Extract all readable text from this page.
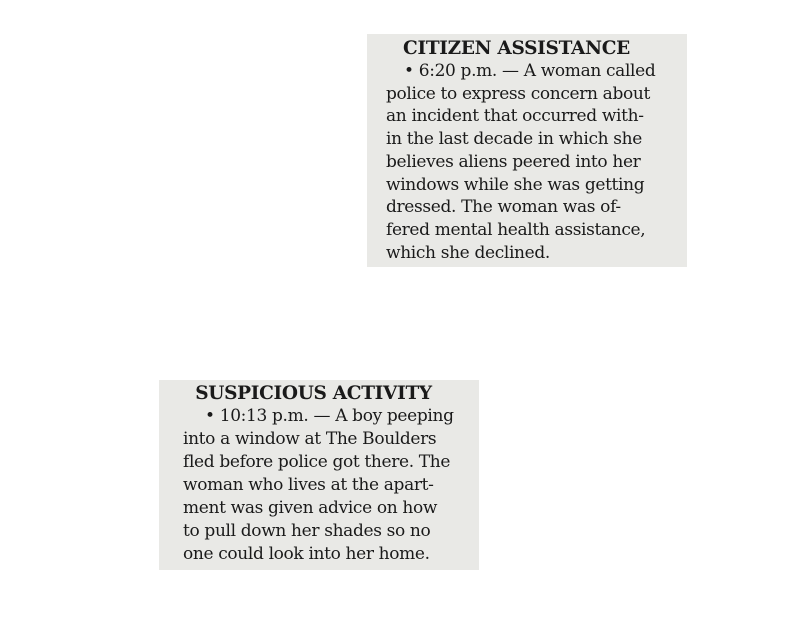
CITIZEN ASSISTANCE
• 6:20 p.m. — A woman called
police to express concern about
an incident that occurred with-
in the last decade in which she
believes aliens peered into her
windows while she was getting
dressed. The woman was of-
fered mental health assistance,
which she declined.
SUSPICIOUS ACTIVITY
• 10:13 p.m. — A boy peeping
into a window at The Boulders
fled before police got there. The
woman who lives at the apart-
ment was given advice on how
to pull down her shades so no
one could look into her home.
